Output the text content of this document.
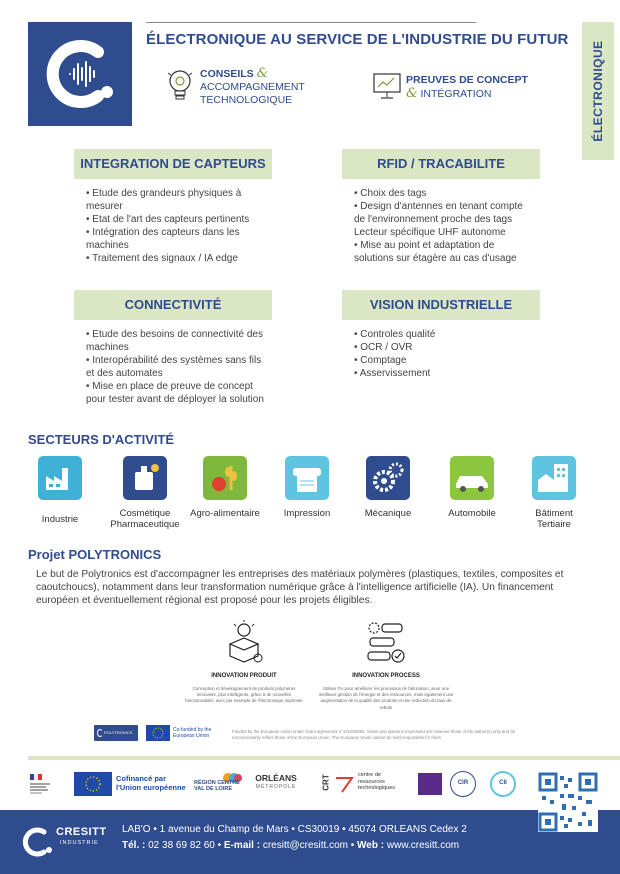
ÉLECTRONIQUE AU SERVICE DE L'INDUSTRIE DU FUTUR
ÉLECTRONIQUE
CONSEILS &
ACCOMPAGNEMENT
TECHNOLOGIQUE
PREUVES DE CONCEPT
& INTÉGRATION
INTEGRATION DE CAPTEURS
• Etude des grandeurs physiques à
mesurer
• Etat de l'art des capteurs pertinents
• Intégration des capteurs dans les
machines
• Traitement des signaux / IA edge
RFID / TRACABILITE
• Choix des tags
• Design d'antennes en tenant compte
de l'environnement proche des tags
Lecteur spécifique UHF autonome
• Mise au point et adaptation de
solutions sur étagère au cas d'usage
CONNECTIVITÉ
• Etude des besoins de connectivité des
machines
• Interopérabilité des systèmes sans fils
et des automates
• Mise en place de preuve de concept
pour tester avant de déployer la solution
VISION INDUSTRIELLE
• Controles qualité
• OCR / OVR
• Comptage
• Asservissement
SECTEURS D'ACTIVITÉ
Industrie
Cosmétique
Pharmaceutique
Agro-alimentaire	Impression	Mécanique	Automobile	Bâtiment
Tertiaire
Projet POLYTRONICS
Le but de Polytronics est d'accompagner les entreprises des matériaux polymères (plastiques, textiles, composites et caoutchoucs), notamment dans leur transformation numérique grâce à l'intelligence artificielle (IA). Un financement européen et éventuellement régional est proposé pour les projets éligibles.
INNOVATION PRODUIT
Conception et développement de produits polymères innovants, plus intelligents, grâce à de nouvelles fonctionnalités, avec par exemple de l'électronique imprimée
INNOVATION PROCESS
Utiliser l'IA pour améliorer les processus de fabrication, avoir une meilleure gestion de l'énergie et des ressources, mais également une augmentation de la qualité des produits et une réduction du taux de rebuts
POLYTRONICS	Co-funded by the European Union
Funded by the European Union under Grant agreement n°101083083. Views and opinions expressed are however those of the author(s) only and do not necessarily reflect those of the European Union. The European Union cannot be held responsible for them
Cofinancé par l'Union européenne	RÉGION CENTRE VAL DE LOIRE
ORLÉANS
MÉTROPOLE	CRT	centre de ressources technologiques
CIR	CII
CRESITT
INDUSTRIE
LAB'O • 1 avenue du Champ de Mars • CS30019 • 45074 ORLEANS Cedex 2
Tél. : 02 38 69 82 60 • E-mail : cresitt@cresitt.com • Web : www.cresitt.com
